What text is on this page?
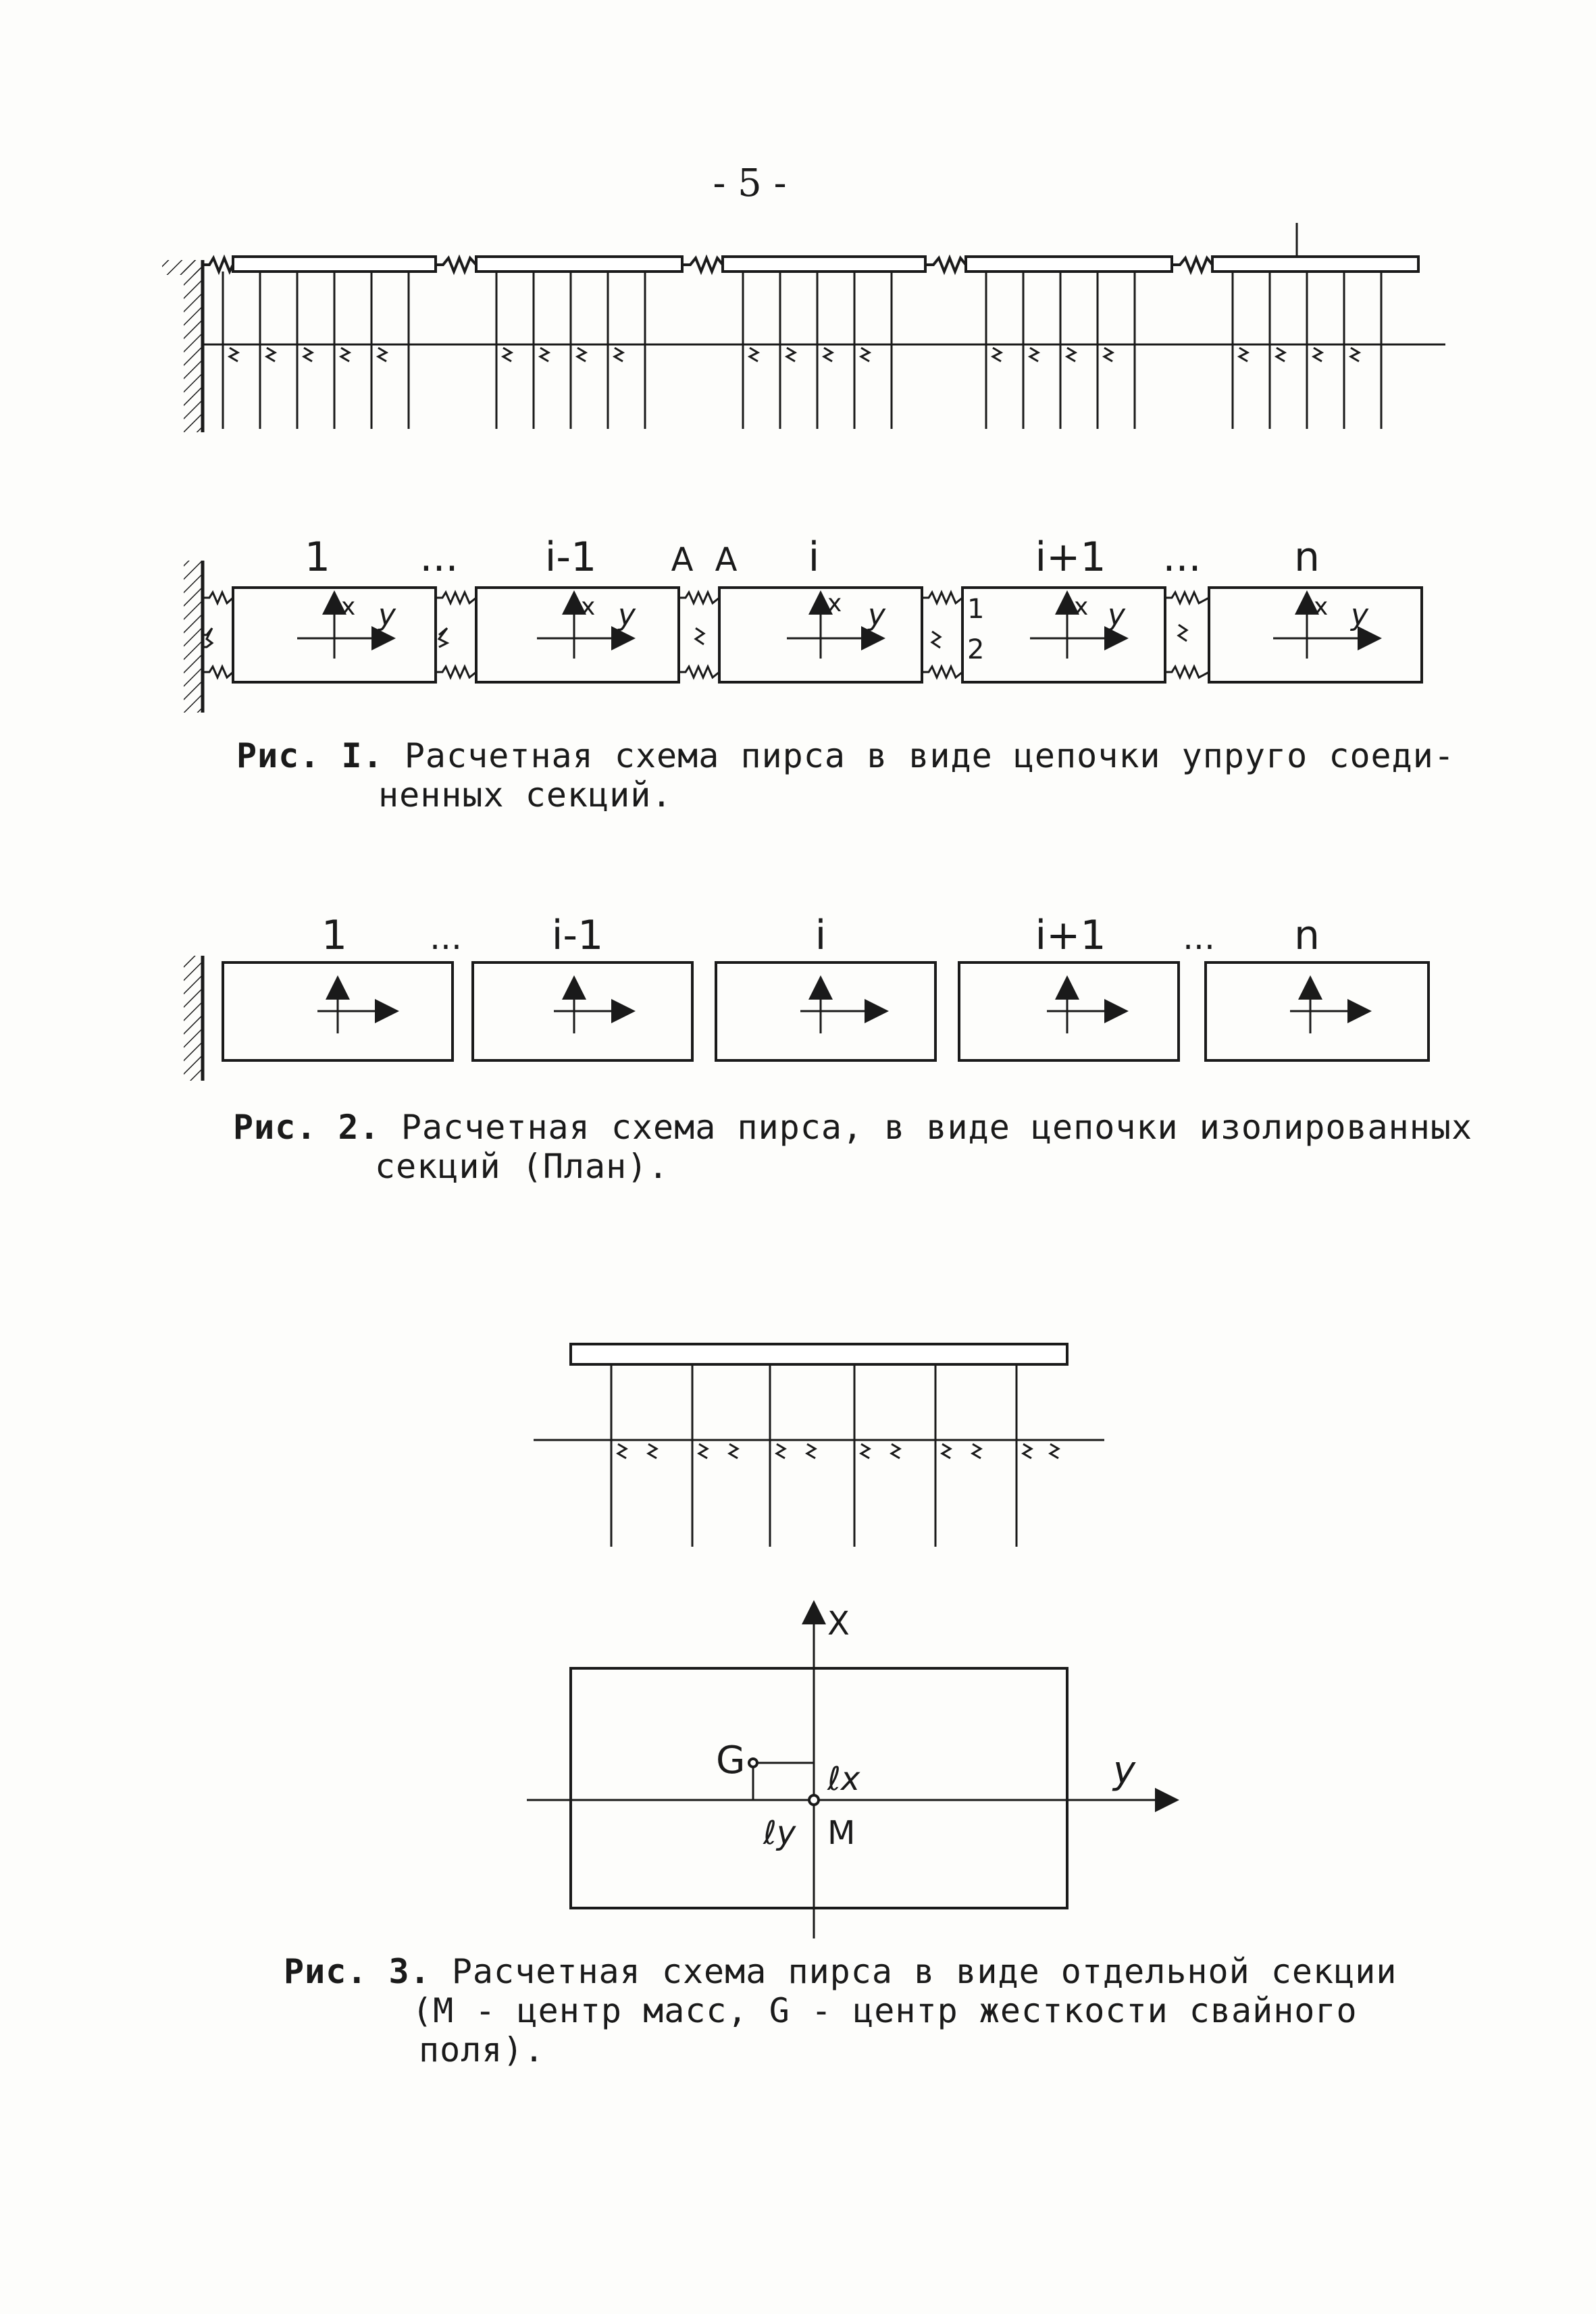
- 5 -
1 ... i-1	i	i+1 ... n
A A
1
2
x y	x y	x y	x y	x y
1 ... i-1	i	i+1 ... n
X
y
G	ℓx
ℓy M
Рис. I. Расчетная схема пирса в виде цепочки упруго соеди-
ненных секций.
Рис. 2. Расчетная схема пирса, в виде цепочки изолированных
секций (План).
Рис. 3. Расчетная схема пирса в виде отдельной секции
(М - центр масс, G - центр жесткости свайного
поля).
